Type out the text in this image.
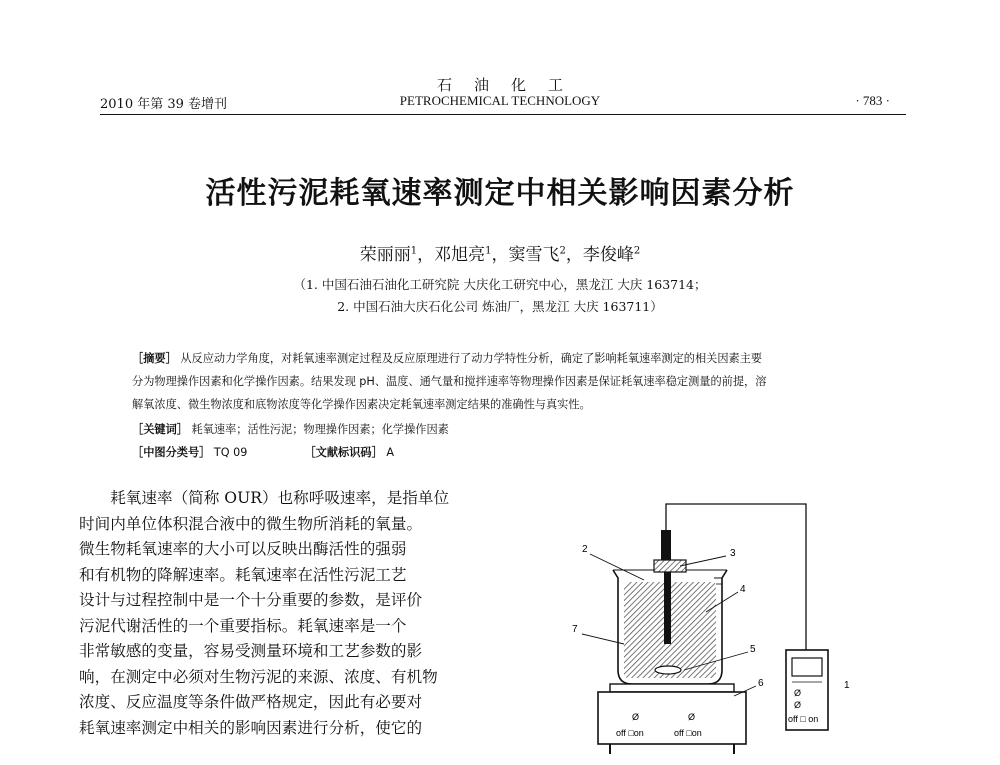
石油化工
2010 年第 39 卷增刊	PETROCHEMICAL TECHNOLOGY	· 783 ·
活性污泥耗氧速率测定中相关影响因素分析
荣丽丽$^1$，邓旭亮$^1$，窦雪飞$^2$，李俊峰$^2$
（1. 中国石油石油化工研究院 大庆化工研究中心，黑龙江 大庆 163714；
2. 中国石油大庆石化公司 炼油厂，黑龙江 大庆 163711）
［摘要］ 从反应动力学角度，对耗氧速率测定过程及反应原理进行了动力学特性分析，确定了影响耗氧速率测定的相关因素主要
分为物理操作因素和化学操作因素。结果发现 pH、温度、通气量和搅拌速率等物理操作因素是保证耗氧速率稳定测量的前提，溶
解氧浓度、微生物浓度和底物浓度等化学操作因素决定耗氧速率测定结果的准确性与真实性。
［关键词］ 耗氧速率；活性污泥；物理操作因素；化学操作因素
［中图分类号］ TQ 09	［文献标识码］ A
耗氧速率（简称 OUR）也称呼吸速率，是指单位
时间内单位体积混合液中的微生物所消耗的氧量。
微生物耗氧速率的大小可以反映出酶活性的强弱
和有机物的降解速率。耗氧速率在活性污泥工艺
设计与过程控制中是一个十分重要的参数，是评价
污泥代谢活性的一个重要指标。耗氧速率是一个
非常敏感的变量，容易受测量环境和工艺参数的影
响，在测定中必须对生物污泥的来源、浓度、有机物
浓度、反应温度等条件做严格规定，因此有必要对
耗氧速率测定中相关的影响因素进行分析，使它的
Ø	Ø
off □on	off □on
Ø
Ø
off □ on
1
2	3
4
5
6
7
